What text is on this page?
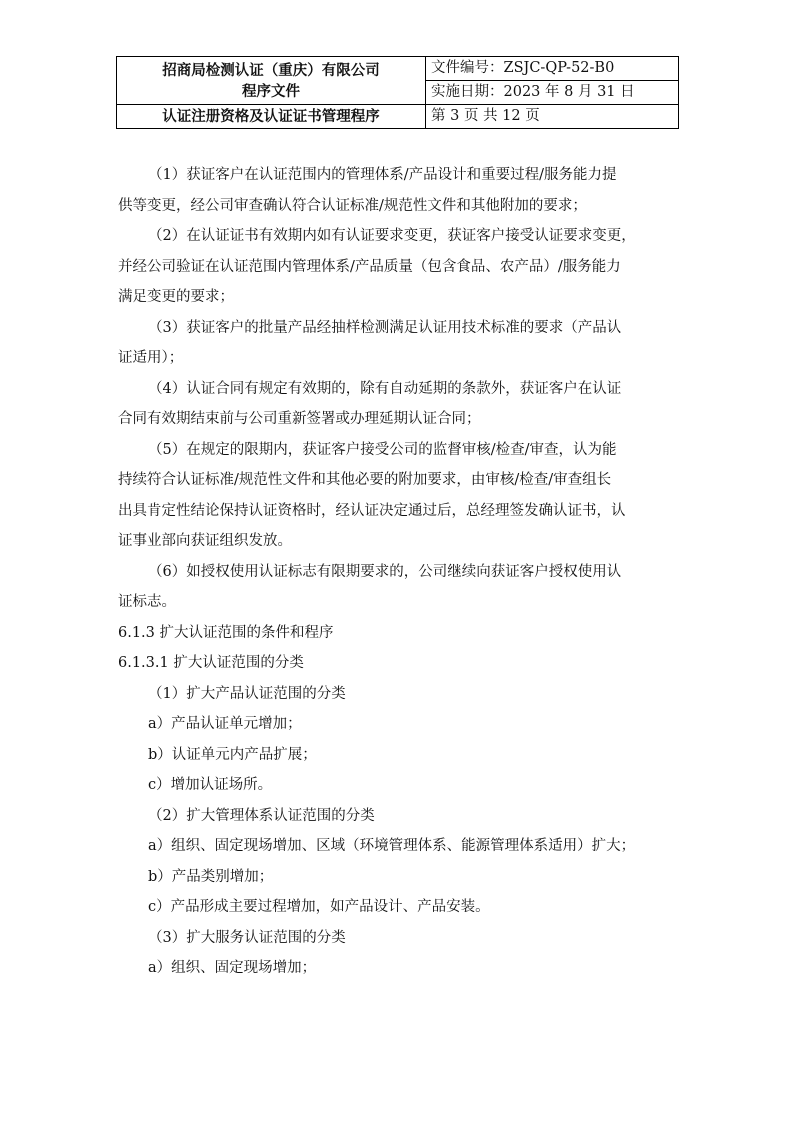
招商局检测认证（重庆）有限公司
程序文件	文件编号：ZSJC-QP-52-B0
	实施日期：2023 年 8 月 31 日
认证注册资格及认证证书管理程序	第 3 页 共 12 页

（1）获证客户在认证范围内的管理体系/产品设计和重要过程/服务能力提

供等变更，经公司审查确认符合认证标准/规范性文件和其他附加的要求；

（2）在认证证书有效期内如有认证要求变更，获证客户接受认证要求变更，

并经公司验证在认证范围内管理体系/产品质量（包含食品、农产品）/服务能力

满足变更的要求；

（3）获证客户的批量产品经抽样检测满足认证用技术标准的要求（产品认

证适用）；

（4）认证合同有规定有效期的，除有自动延期的条款外，获证客户在认证

合同有效期结束前与公司重新签署或办理延期认证合同；

（5）在规定的限期内，获证客户接受公司的监督审核/检查/审查，认为能

持续符合认证标准/规范性文件和其他必要的附加要求，由审核/检查/审查组长

出具肯定性结论保持认证资格时，经认证决定通过后，总经理签发确认证书，认

证事业部向获证组织发放。

（6）如授权使用认证标志有限期要求的，公司继续向获证客户授权使用认

证标志。

6.1.3 扩大认证范围的条件和程序

6.1.3.1 扩大认证范围的分类

（1）扩大产品认证范围的分类

a）产品认证单元增加；

b）认证单元内产品扩展；

c）增加认证场所。

（2）扩大管理体系认证范围的分类

a）组织、固定现场增加、区域（环境管理体系、能源管理体系适用）扩大；

b）产品类别增加；

c）产品形成主要过程增加，如产品设计、产品安装。

（3）扩大服务认证范围的分类

a）组织、固定现场增加；
